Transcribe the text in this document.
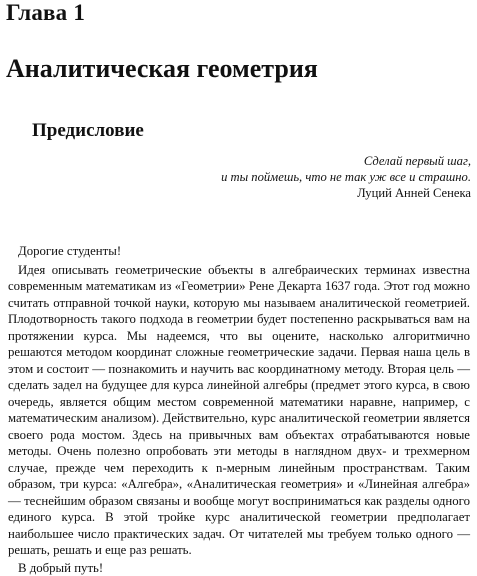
Глава 1
Аналитическая геометрия
Предисловие
Сделай первый шаг,
и ты поймешь, что не так уж все и страшно.
Луций Анней Сенека

Дорогие студенты!

Идея описывать геометрические объекты в алгебраических терминах известна современным математикам из «Геометрии» Рене Декарта 1637 года. Этот год можно считать отправной точкой науки, которую мы называем аналитической геометрией. Плодотворность такого подхода в геометрии будет постепенно раскрываться вам на протяжении курса. Мы надеемся, что вы оцените, насколько алгоритмично решаются методом координат сложные геометрические задачи. Первая наша цель в этом и состоит — познакомить и научить вас координатному методу. Вторая цель — сделать задел на будущее для курса линейной алгебры (предмет этого курса, в свою очередь, является общим местом современной математики наравне, например, с математическим анализом). Действительно, курс аналитической геометрии является своего рода мостом. Здесь на привычных вам объектах отрабатываются новые методы. Очень полезно опробовать эти методы в наглядном двух- и трехмерном случае, прежде чем переходить к n-мерным линейным пространствам. Таким образом, три курса: «Алгебра», «Аналитическая геометрия» и «Линейная алгебра» — теснейшим образом связаны и вообще могут восприниматься как разделы одного единого курса. В этой тройке курс аналитической геометрии предполагает наибольшее число практических задач. От читателей мы требуем только одного — решать, решать и еще раз решать.

В добрый путь!
